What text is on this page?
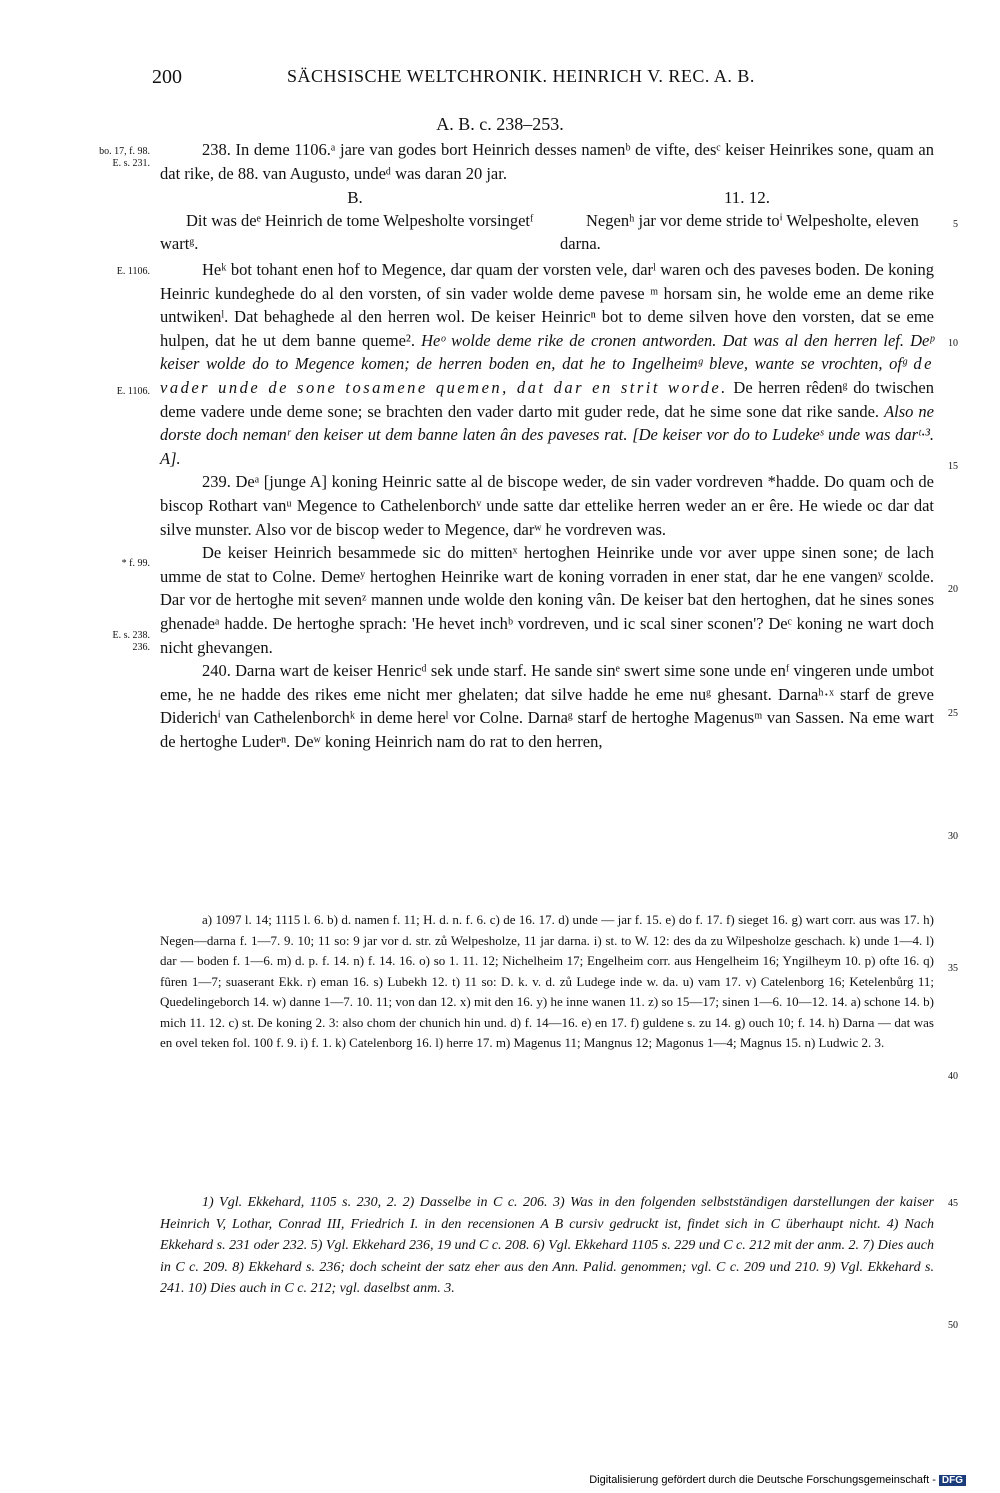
200	SÄCHSISCHE WELTCHRONIK. HEINRICH V. REC. A. B.
A. B. c. 238–253.
bo. 17, f. 98.
E. s. 231.
E. 1106.
E. 1106.
* f. 99.
E. s. 238.
236.
5
10
15
20
25
30
35
40
45
50

238. In deme 1106.ᵃ jare van godes bort Heinrich desses namenᵇ de vifte, desᶜ keiser Heinrikes sone, quam an dat rike, de 88. van Augusto, undeᵈ was daran 20 jar.

B.
Dit was deᵉ Heinrich de tome Welpesholte vorsingetᶠ wartᵍ.
11. 12.
Negenʰ jar vor deme stride toⁱ Welpesholte, eleven darna.

Heᵏ bot tohant enen hof to Megence, dar quam der vorsten vele, darˡ waren och des paveses boden. De koning Heinric kundeghede do al den vorsten, of sin vader wolde deme pavese ᵐ horsam sin, he wolde eme an deme rike untwikenˡ. Dat behaghede al den herren wol. De keiser Heinricⁿ bot to deme silven hove den vorsten, dat se eme hulpen, dat he ut dem banne queme². Heᵒ wolde deme rike de cronen antworden. Dat was al den herren lef. Deᵖ keiser wolde do to Megence komen; de herren boden en, dat he to Ingelheimᵍ bleve, wante se vrochten, ofᵍ de vader unde de sone tosamene quemen, dat dar en strit worde. De herren rêdenᵍ do twischen deme vadere unde deme sone; se brachten den vader darto mit guder rede, dat he sime sone dat rike sande. Also ne dorste doch nemanʳ den keiser ut dem banne laten ân des paveses rat. [De keiser vor do to Ludekeˢ unde was darᵗ·³. A].

239. Deᵃ [junge A] koning Heinric satte al de biscope weder, de sin vader vordreven *hadde. Do quam och de biscop Rothart vanᵘ Megence to Cathelenborchᵛ unde satte dar ettelike herren weder an er êre. He wiede oc dar dat silve munster. Also vor de biscop weder to Megence, darʷ he vordreven was.

De keiser Heinrich besammede sic do mittenˣ hertoghen Heinrike unde vor aver uppe sinen sone; de lach umme de stat to Colne. Demeʸ hertoghen Heinrike wart de koning vorraden in ener stat, dar he ene vangenʸ scolde. Dar vor de hertoghe mit sevenᶻ mannen unde wolde den koning vân. De keiser bat den hertoghen, dat he sines sones ghenadeᵃ hadde. De hertoghe sprach: 'He hevet inchᵇ vordreven, und ic scal siner sconen'? Deᶜ koning ne wart doch nicht ghevangen.

240. Darna wart de keiser Henricᵈ sek unde starf. He sande sinᵉ swert sime sone unde enᶠ vingeren unde umbot eme, he ne hadde des rikes eme nicht mer ghelaten; dat silve hadde he eme nuᵍ ghesant. Darnaʰ·ˣ starf de greve Diderichⁱ van Cathelenborchᵏ in deme hereˡ vor Colne. Darnaᵍ starf de hertoghe Magenusᵐ van Sassen. Na eme wart de hertoghe Luderⁿ. Deʷ koning Heinrich nam do rat to den herren,

a) 1097 l. 14; 1115 l. 6. b) d. namen f. 11; H. d. n. f. 6. c) de 16. 17. d) unde — jar f. 15. e) do f. 17. f) sieget 16. g) wart corr. aus was 17. h) Negen—darna f. 1—7. 9. 10; 11 so: 9 jar vor d. str. zů Welpesholze, 11 jar darna. i) st. to W. 12: des da zu Wilpesholze geschach. k) unde 1—4. l) dar — boden f. 1—6. m) d. p. f. 14. n) f. 14. 16. o) so 1. 11. 12; Nichelheim 17; Engelheim corr. aus Hengelheim 16; Yngilheym 10. p) ofte 16. q) fûren 1—7; suaserant Ekk. r) eman 16. s) Lubekh 12. t) 11 so: D. k. v. d. zů Ludege inde w. da. u) vam 17. v) Catelenborg 16; Ketelenbůrg 11; Quedelingeborch 14. w) danne 1—7. 10. 11; von dan 12. x) mit den 16. y) he inne wanen 11. z) so 15—17; sinen 1—6. 10—12. 14. a) schone 14. b) mich 11. 12. c) st. De koning 2. 3: also chom der chunich hin und. d) f. 14—16. e) en 17. f) guldene s. zu 14. g) ouch 10; f. 14. h) Darna — dat was en ovel teken fol. 100 f. 9. i) f. 1. k) Catelenborg 16. l) herre 17. m) Magenus 11; Mangnus 12; Magonus 1—4; Magnus 15. n) Ludwic 2. 3.

1) Vgl. Ekkehard, 1105 s. 230, 2. 2) Dasselbe in C c. 206. 3) Was in den folgenden selbstständigen darstellungen der kaiser Heinrich V, Lothar, Conrad III, Friedrich I. in den recensionen A B cursiv gedruckt ist, findet sich in C überhaupt nicht. 4) Nach Ekkehard s. 231 oder 232. 5) Vgl. Ekkehard 236, 19 und C c. 208. 6) Vgl. Ekkehard 1105 s. 229 und C c. 212 mit der anm. 2. 7) Dies auch in C c. 209. 8) Ekkehard s. 236; doch scheint der satz eher aus den Ann. Palid. genommen; vgl. C c. 209 und 210. 9) Vgl. Ekkehard s. 241. 10) Dies auch in C c. 212; vgl. daselbst anm. 3.

Digitalisierung gefördert durch die Deutsche Forschungsgemeinschaft - DFG
